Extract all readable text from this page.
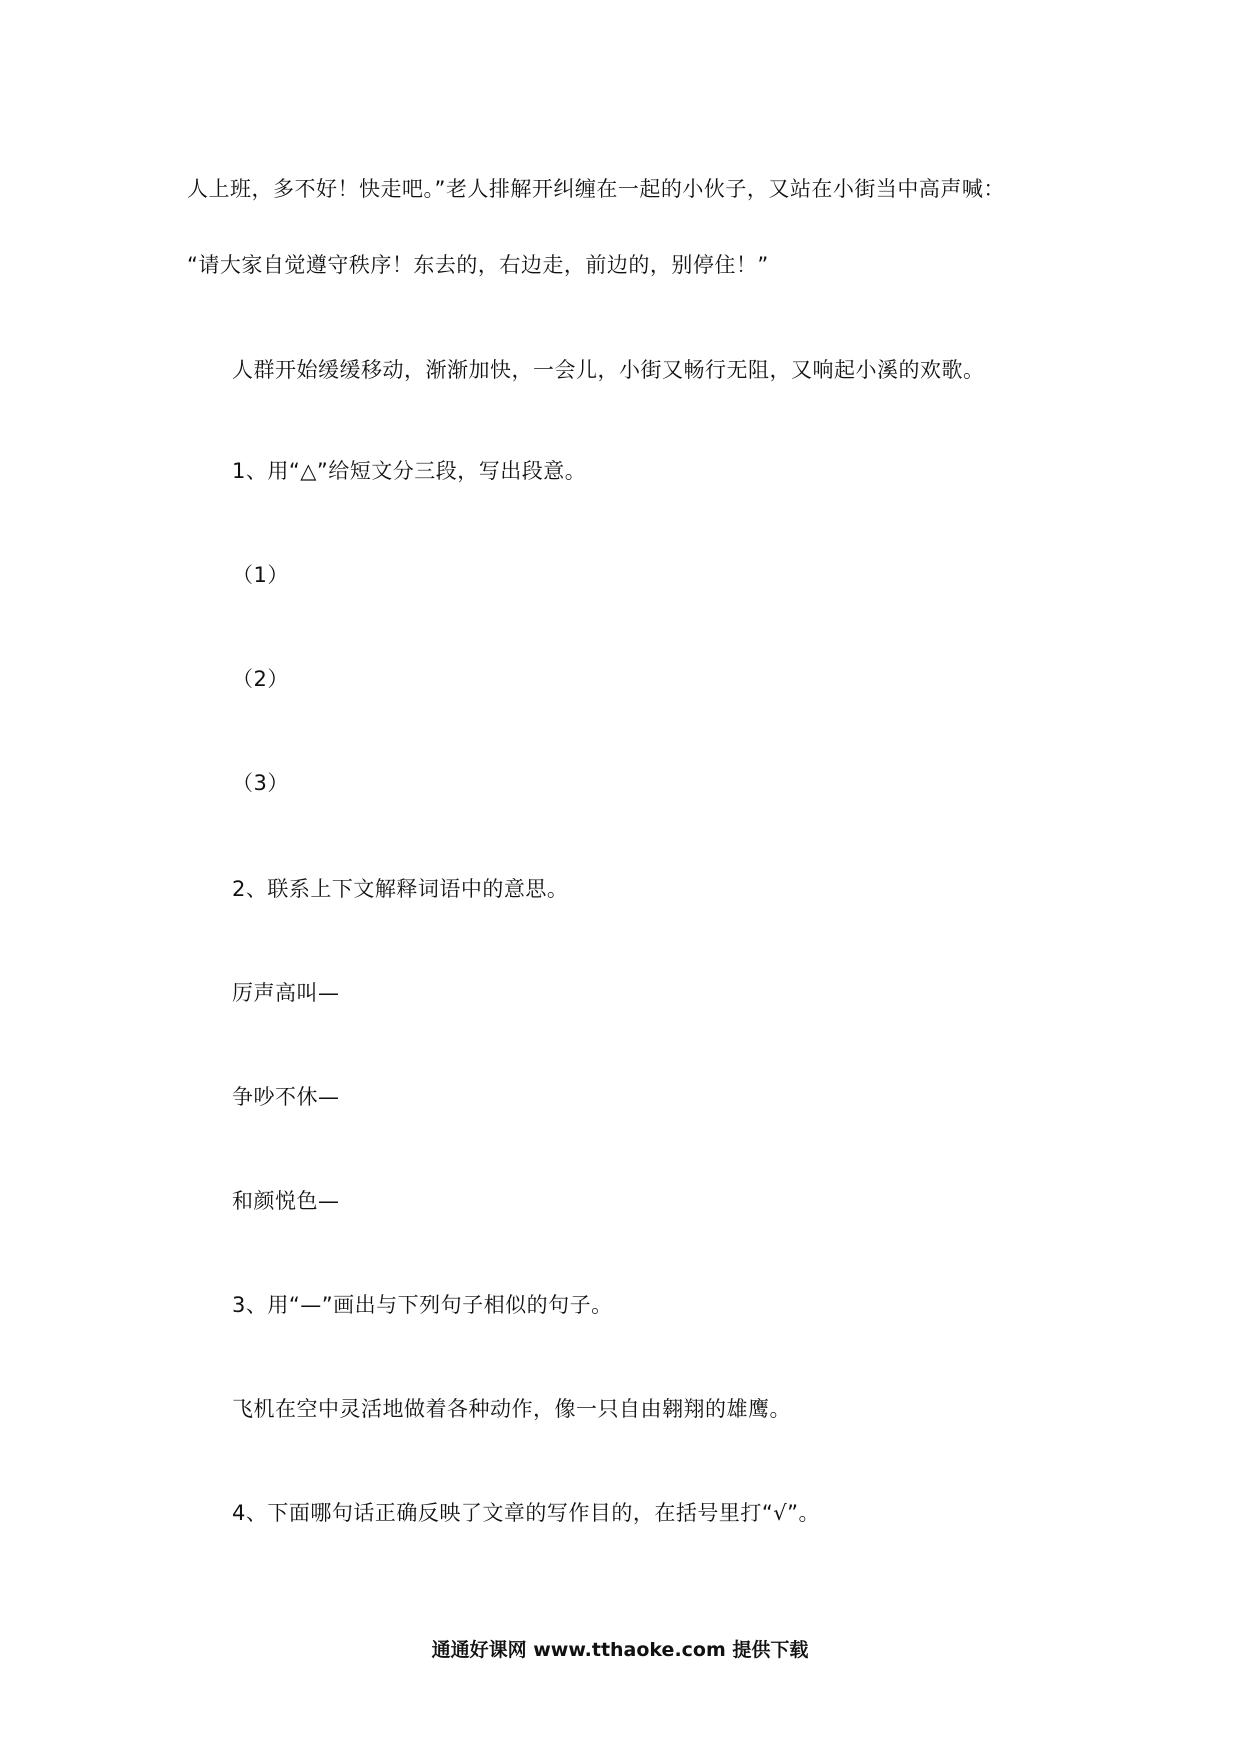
人上班，多不好！快走吧。”老人排解开纠缠在一起的小伙子，又站在小街当中高声喊：
“请大家自觉遵守秩序！东去的，右边走，前边的，别停住！”
人群开始缓缓移动，渐渐加快，一会儿，小街又畅行无阻，又响起小溪的欢歌。
1、用“△”给短文分三段，写出段意。
（1）
（2）
（3）
2、联系上下文解释词语中的意思。
厉声高叫—
争吵不休—
和颜悦色—
3、用“—”画出与下列句子相似的句子。
飞机在空中灵活地做着各种动作，像一只自由翱翔的雄鹰。
4、下面哪句话正确反映了文章的写作目的，在括号里打“√”。
通通好课网 www.tthaoke.com 提供下载
